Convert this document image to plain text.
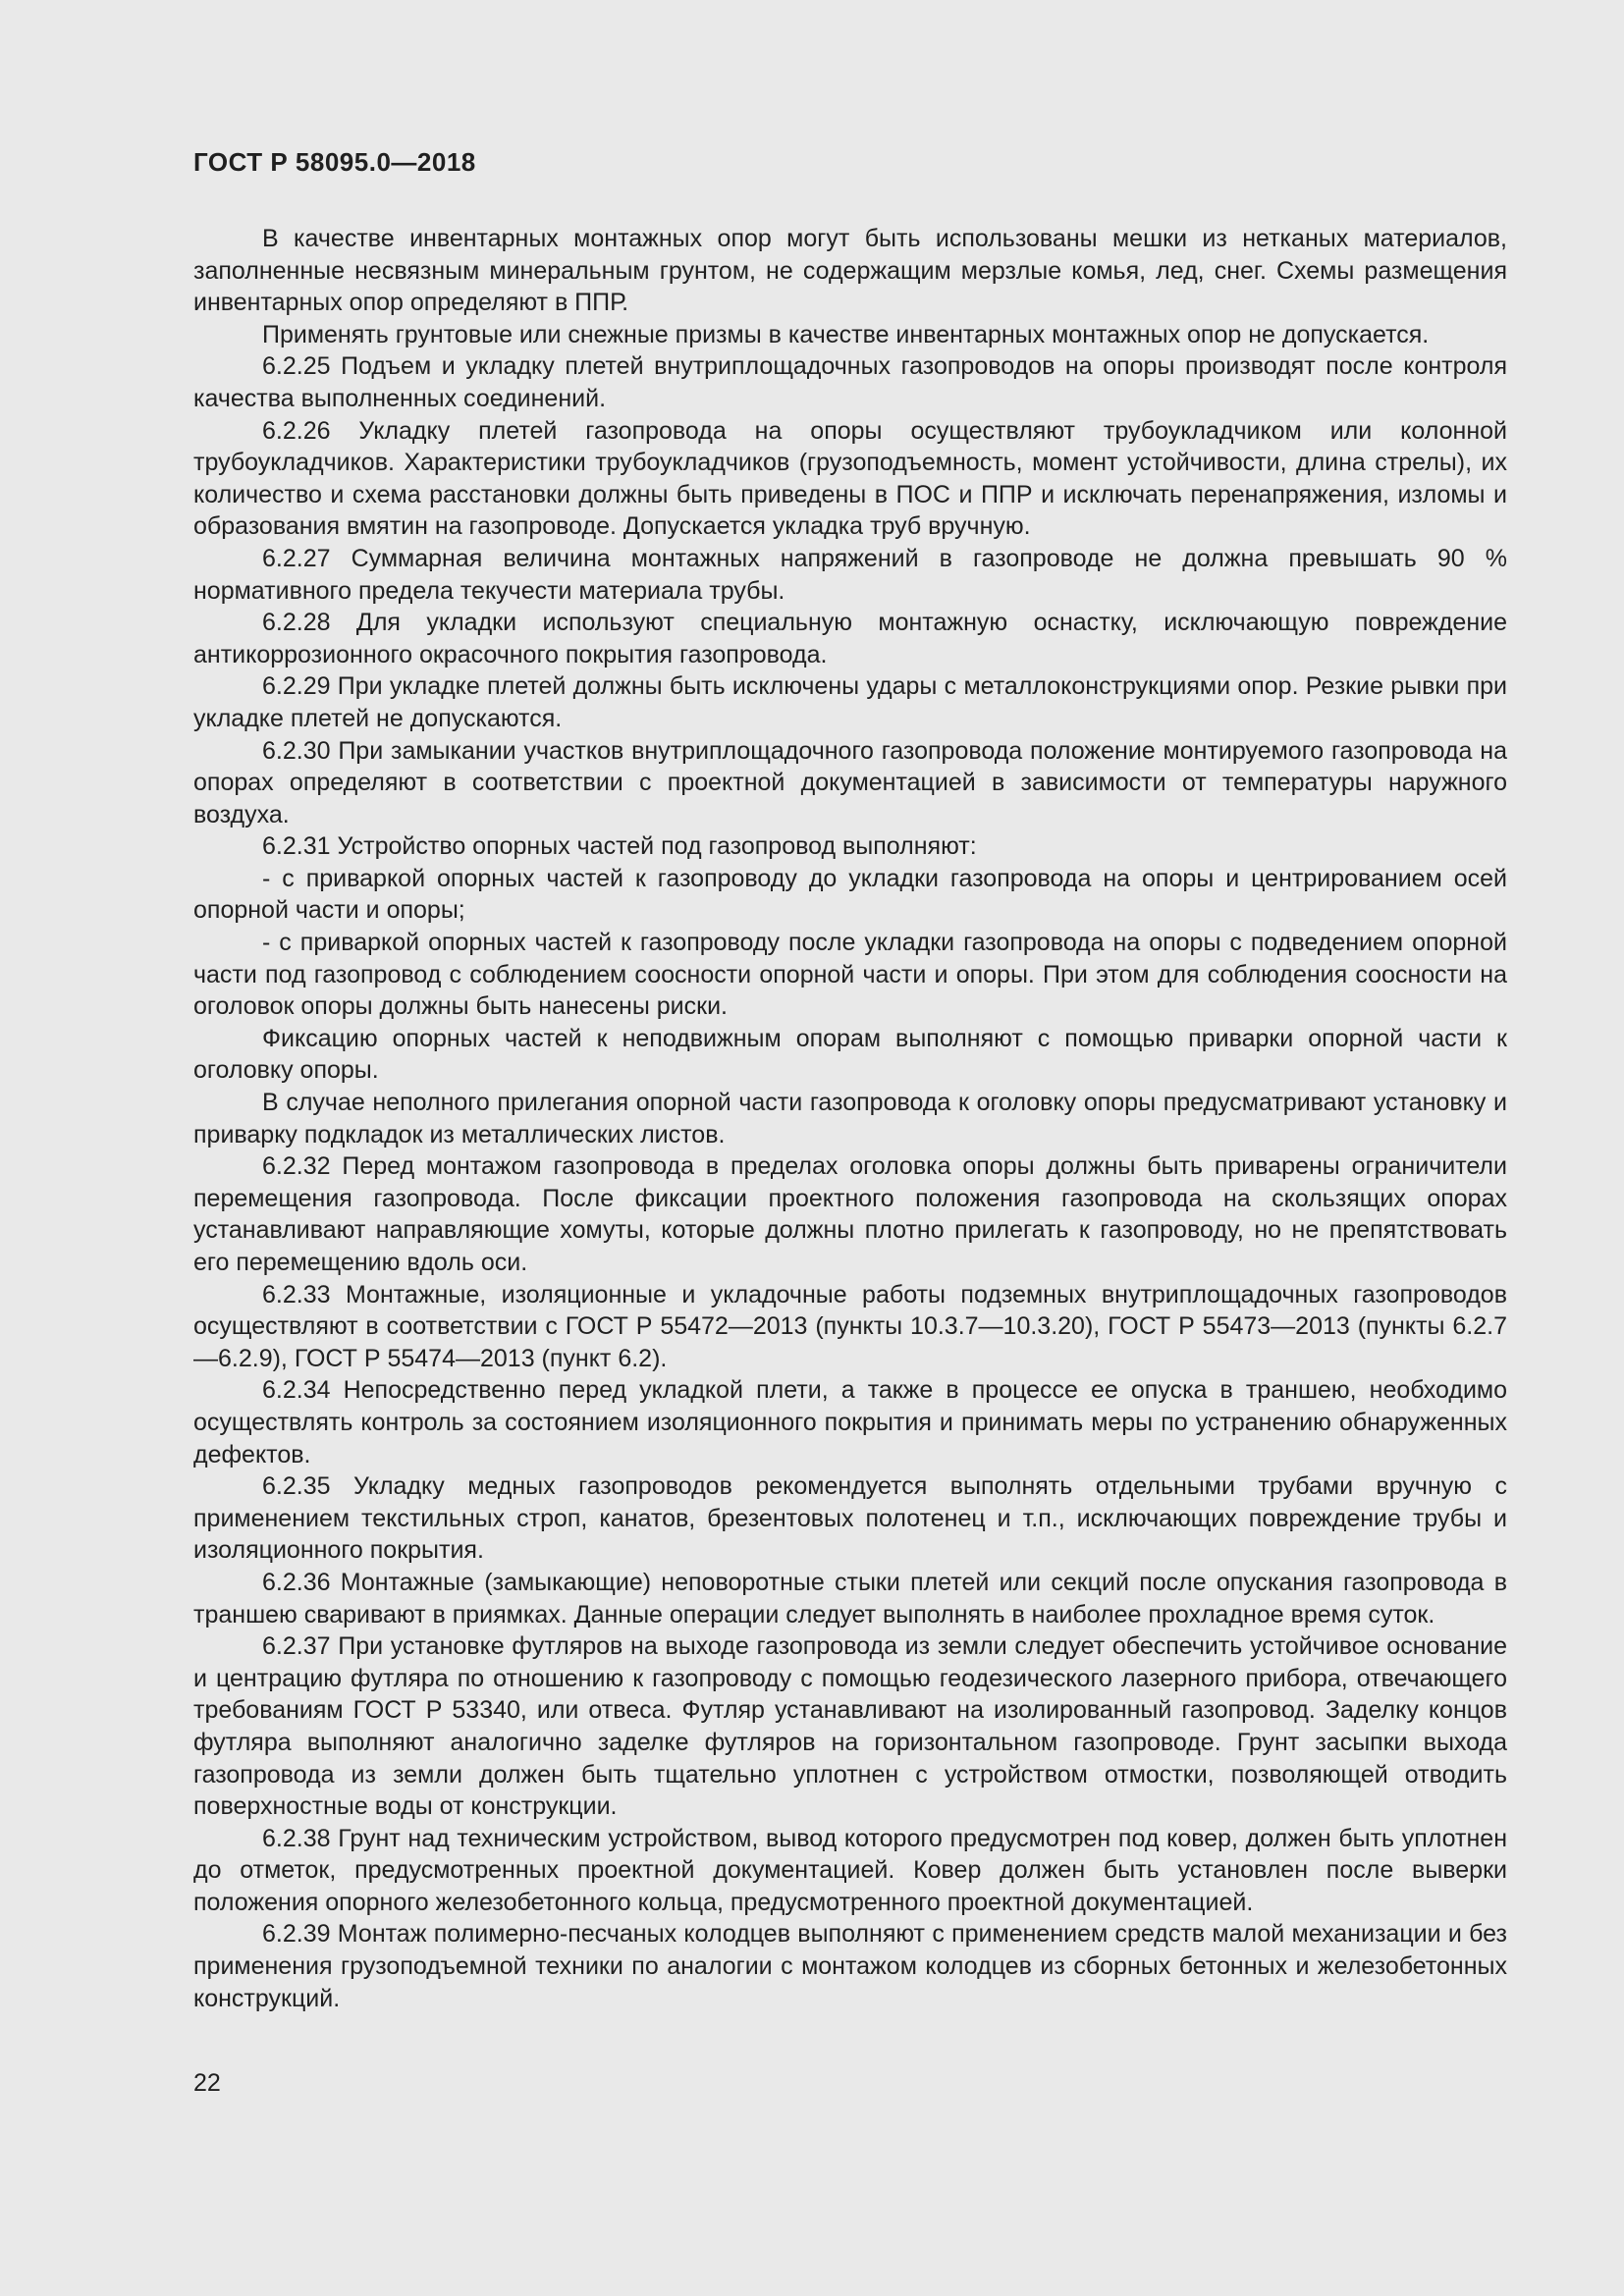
ГОСТ Р 58095.0—2018

В качестве инвентарных монтажных опор могут быть использованы мешки из нетканых материалов, заполненные несвязным минеральным грунтом, не содержащим мерзлые комья, лед, снег. Схемы размещения инвентарных опор определяют в ППР.

Применять грунтовые или снежные призмы в качестве инвентарных монтажных опор не допускается.

6.2.25 Подъем и укладку плетей внутриплощадочных газопроводов на опоры производят после контроля качества выполненных соединений.

6.2.26 Укладку плетей газопровода на опоры осуществляют трубоукладчиком или колонной трубоукладчиков. Характеристики трубоукладчиков (грузоподъемность, момент устойчивости, длина стрелы), их количество и схема расстановки должны быть приведены в ПОС и ППР и исключать перенапряжения, изломы и образования вмятин на газопроводе. Допускается укладка труб вручную.

6.2.27 Суммарная величина монтажных напряжений в газопроводе не должна превышать 90 % нормативного предела текучести материала трубы.

6.2.28 Для укладки используют специальную монтажную оснастку, исключающую повреждение антикоррозионного окрасочного покрытия газопровода.

6.2.29 При укладке плетей должны быть исключены удары с металлоконструкциями опор. Резкие рывки при укладке плетей не допускаются.

6.2.30 При замыкании участков внутриплощадочного газопровода положение монтируемого газопровода на опорах определяют в соответствии с проектной документацией в зависимости от температуры наружного воздуха.

6.2.31 Устройство опорных частей под газопровод выполняют:

- с приваркой опорных частей к газопроводу до укладки газопровода на опоры и центрированием осей опорной части и опоры;

- с приваркой опорных частей к газопроводу после укладки газопровода на опоры с подведением опорной части под газопровод с соблюдением соосности опорной части и опоры. При этом для соблюдения соосности на оголовок опоры должны быть нанесены риски.

Фиксацию опорных частей к неподвижным опорам выполняют с помощью приварки опорной части к оголовку опоры.

В случае неполного прилегания опорной части газопровода к оголовку опоры предусматривают установку и приварку подкладок из металлических листов.

6.2.32 Перед монтажом газопровода в пределах оголовка опоры должны быть приварены ограничители перемещения газопровода. После фиксации проектного положения газопровода на скользящих опорах устанавливают направляющие хомуты, которые должны плотно прилегать к газопроводу, но не препятствовать его перемещению вдоль оси.

6.2.33 Монтажные, изоляционные и укладочные работы подземных внутриплощадочных газопроводов осуществляют в соответствии с ГОСТ Р 55472—2013 (пункты 10.3.7—10.3.20), ГОСТ Р 55473—2013 (пункты 6.2.7—6.2.9), ГОСТ Р 55474—2013 (пункт 6.2).

6.2.34 Непосредственно перед укладкой плети, а также в процессе ее опуска в траншею, необходимо осуществлять контроль за состоянием изоляционного покрытия и принимать меры по устранению обнаруженных дефектов.

6.2.35 Укладку медных газопроводов рекомендуется выполнять отдельными трубами вручную с применением текстильных строп, канатов, брезентовых полотенец и т.п., исключающих повреждение трубы и изоляционного покрытия.

6.2.36 Монтажные (замыкающие) неповоротные стыки плетей или секций после опускания газопровода в траншею сваривают в приямках. Данные операции следует выполнять в наиболее прохладное время суток.

6.2.37 При установке футляров на выходе газопровода из земли следует обеспечить устойчивое основание и центрацию футляра по отношению к газопроводу с помощью геодезического лазерного прибора, отвечающего требованиям ГОСТ Р 53340, или отвеса. Футляр устанавливают на изолированный газопровод. Заделку концов футляра выполняют аналогично заделке футляров на горизонтальном газопроводе. Грунт засыпки выхода газопровода из земли должен быть тщательно уплотнен с устройством отмостки, позволяющей отводить поверхностные воды от конструкции.

6.2.38 Грунт над техническим устройством, вывод которого предусмотрен под ковер, должен быть уплотнен до отметок, предусмотренных проектной документацией. Ковер должен быть установлен после выверки положения опорного железобетонного кольца, предусмотренного проектной документацией.

6.2.39 Монтаж полимерно-песчаных колодцев выполняют с применением средств малой механизации и без применения грузоподъемной техники по аналогии с монтажом колодцев из сборных бетонных и железобетонных конструкций.

22
